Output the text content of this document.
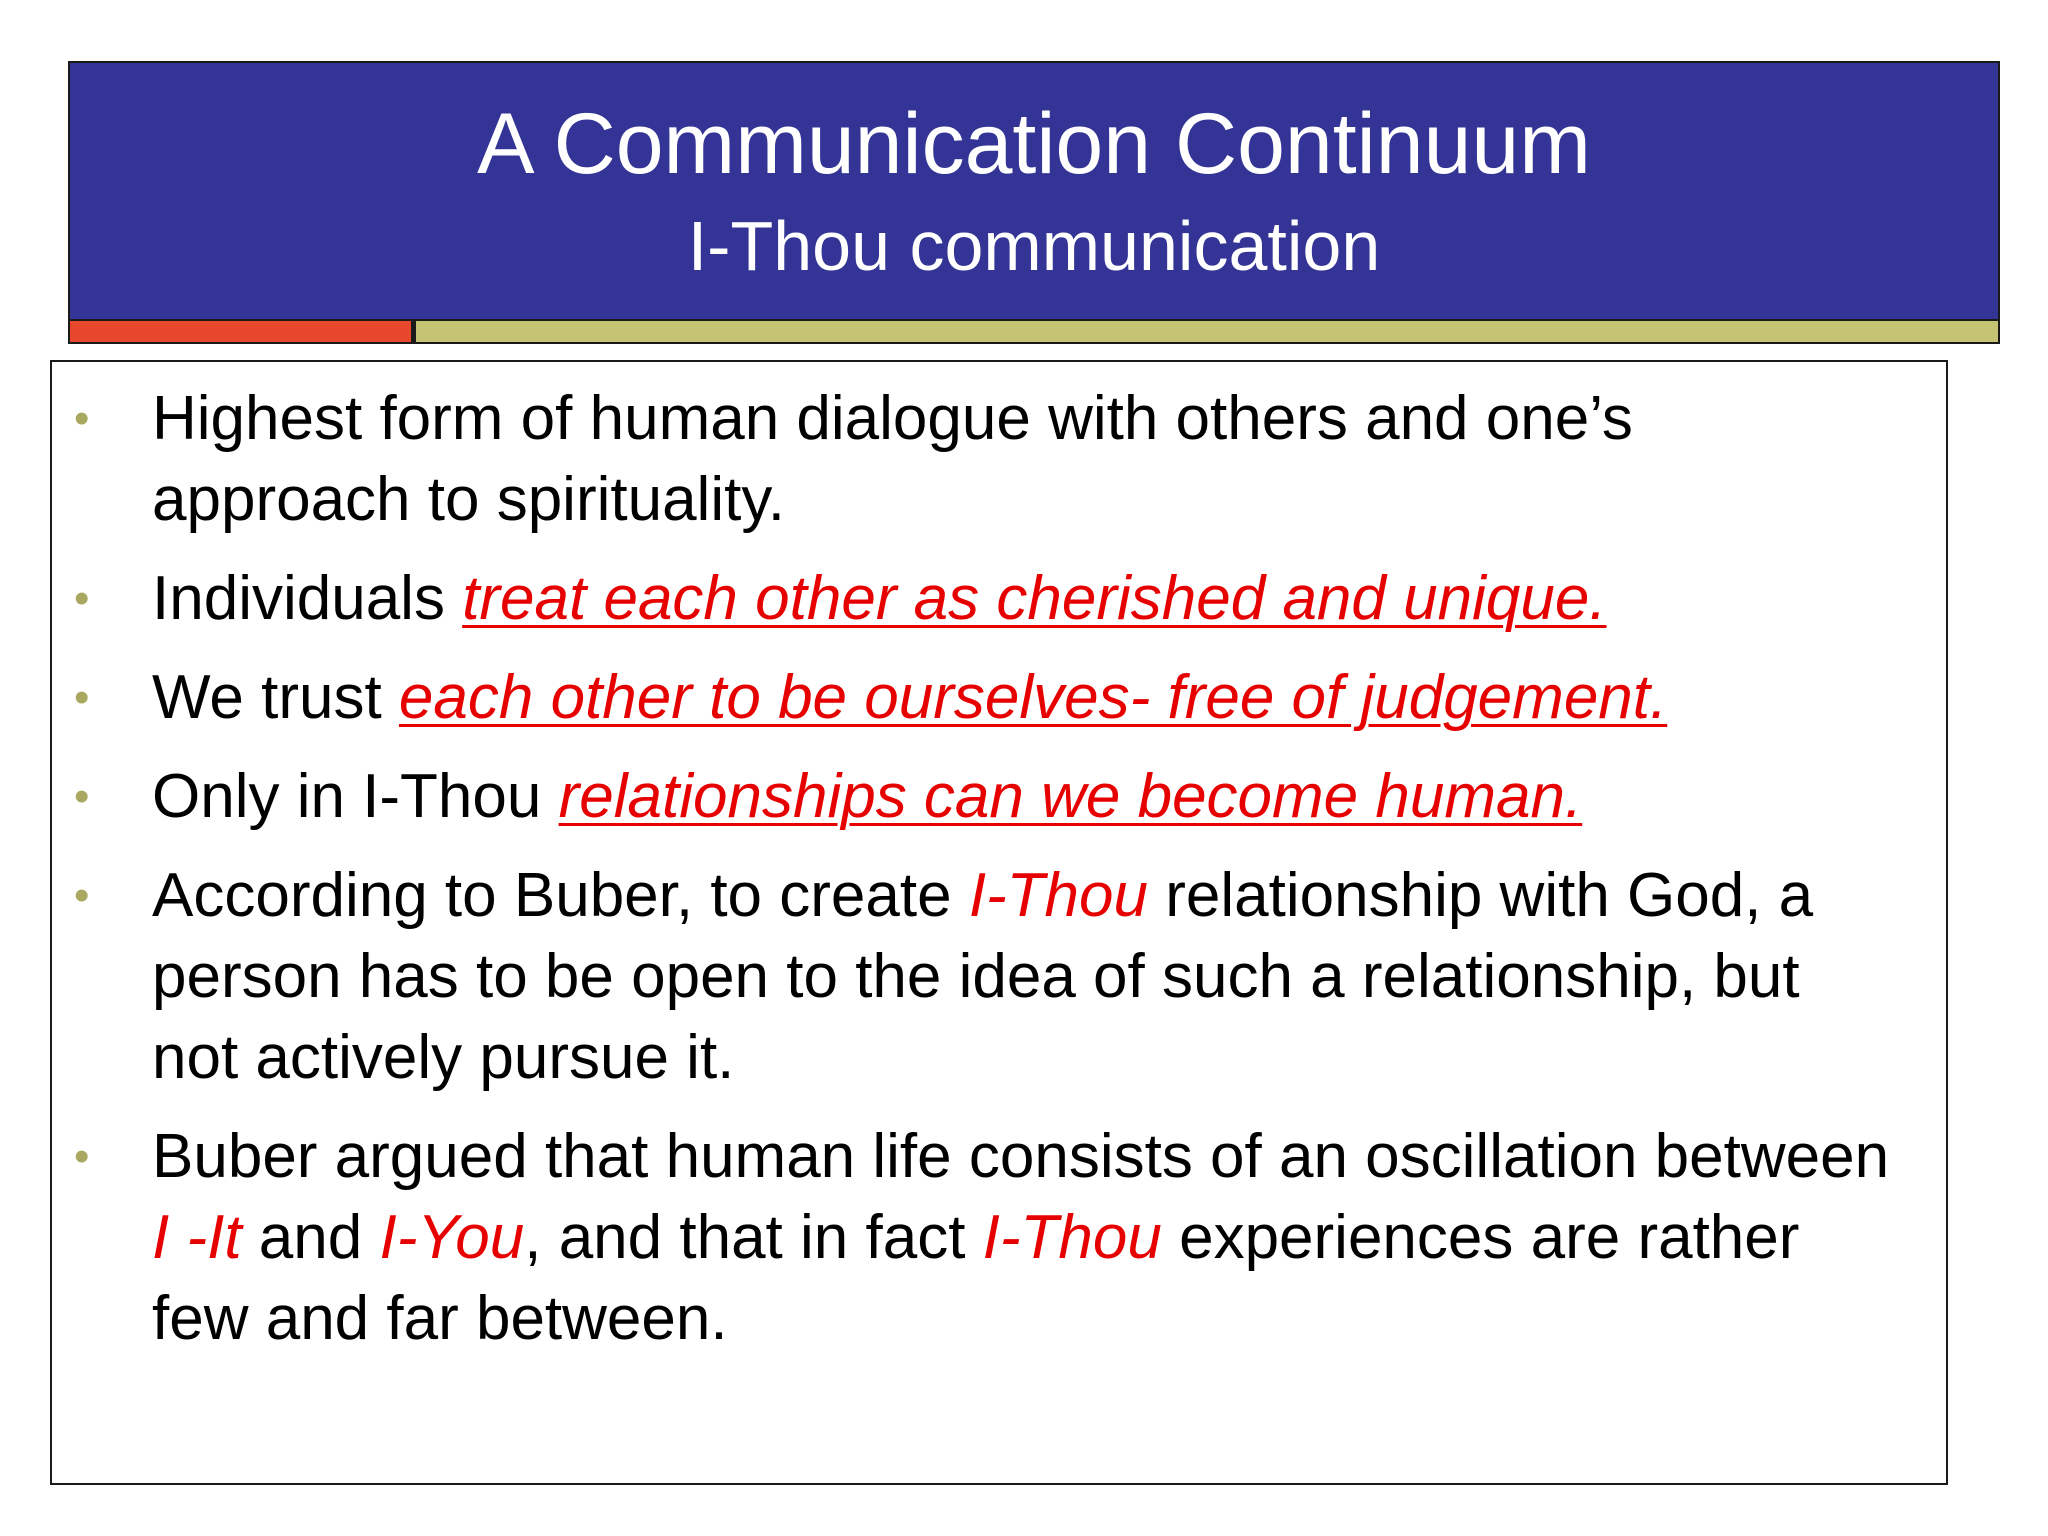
A Communication Continuum
I-Thou communication
• Highest form of human dialogue with others and one’s approach to spirituality.
• Individuals treat each other as cherished and unique.
• We trust each other to be ourselves- free of judgement.
• Only in I-Thou relationships can we become human.
• According to Buber, to create I-Thou relationship with God, a person has to be open to the idea of such a relationship, but not actively pursue it.
• Buber argued that human life consists of an oscillation between I -It and I-You, and that in fact I-Thou experiences are rather few and far between.
